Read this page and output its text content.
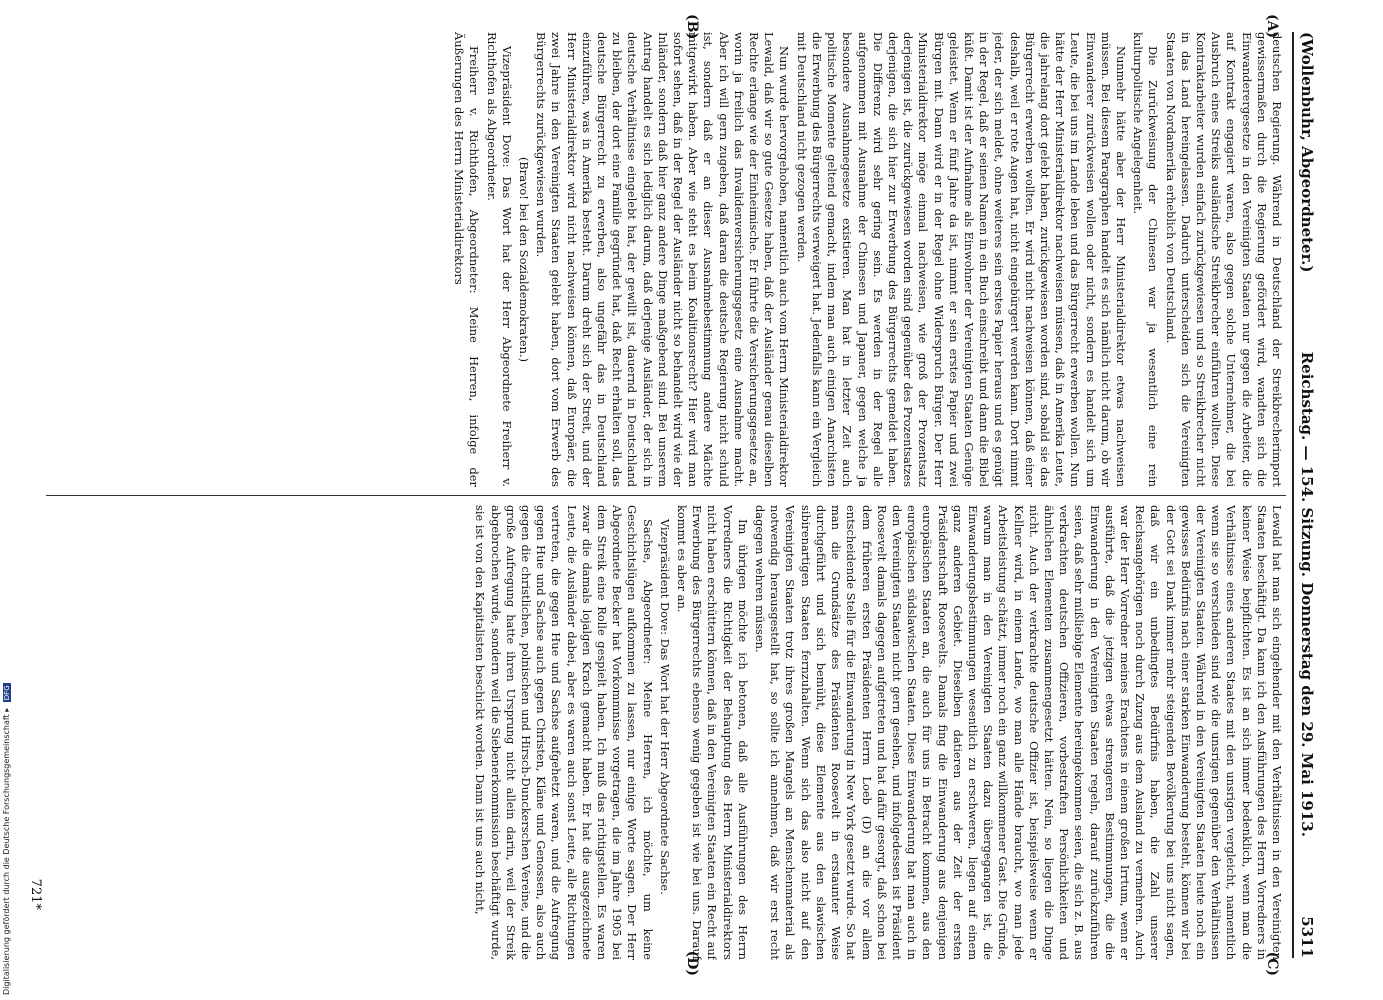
(Wollenbuhr, Abgeordneter.)
Reichstag. — 154. Sitzung. Donnerstag den 29. Mai 1913.
5311
(A)
(B)
(C)
(D)

deutschen Regierung. Während in Deutschland der Streikbrecherimport gewissermaßen durch die Regierung gefördert wird, wandten sich die Einwanderergesetze in den Vereinigten Staaten nur gegen die Arbeiter, die auf Kontrakt engagiert waren, also gegen solche Unternehmer, die bei Ausbruch eines Streiks ausländische Streikbrecher einführen wollten. Diese Kontraktarbeiter wurden einfach zurückgewiesen und so Streikbrecher nicht in das Land hereingelassen. Dadurch unterscheiden sich die Vereinigten Staaten von Nordamerika erheblich von Deutschland.

Die Zurückweisung der Chinesen war ja wesentlich eine rein kulturpolitische Angelegenheit.

Nunmehr hätte aber der Herr Ministerialdirektor etwas nachweisen müssen. Bei diesem Paragraphen handelt es sich nämlich nicht darum, ob wir Einwanderer zurückweisen wollen oder nicht, sondern es handelt sich um Leute, die bei uns im Lande leben und das Bürgerrecht erwerben wollen. Nun hätte der Herr Ministerialdirektor nachweisen müssen, daß in Amerika Leute, die jahrelang dort gelebt haben, zurückgewiesen worden sind, sobald sie das Bürgerrecht erwerben wollten. Er wird nicht nachweisen können, daß einer deshalb, weil er rote Augen hat, nicht eingebürgert werden kann. Dort nimmt jeder, der sich meldet, ohne weiteres sein erstes Papier heraus und es genügt in der Regel, daß er seinen Namen in ein Buch einschreibt und dann die Bibel küßt. Damit ist der Aufnahme als Einwohner der Vereinigten Staaten Genüge geleistet. Wenn er fünf Jahre da ist, nimmt er sein erstes Papier und zwei Bürgen mit. Dann wird er in der Regel ohne Widerspruch Bürger. Der Herr Ministerialdirektor möge einmal nachweisen, wie groß der Prozentsatz derjenigen ist, die zurückgewiesen worden sind gegenüber des Prozentsatzes derjenigen, die sich hier zur Erwerbung des Bürgerrechts gemeldet haben. Die Differenz wird sehr gering sein. Es werden in der Regel alle aufgenommen mit Ausnahme der Chinesen und Japaner, gegen welche ja besondere Ausnahmegesetze existieren. Man hat in letzter Zeit auch politische Momente geltend gemacht, indem man auch einigen Anarchisten die Erwerbung des Bürgerrechts verweigert hat. Jedenfalls kann ein Vergleich mit Deutschland nicht gezogen werden.

Nun wurde hervorgehoben, namentlich auch vom Herrn Ministerialdirektor Lewald, daß wir so gute Gesetze haben, daß der Ausländer genau dieselben Rechte erlange wie der Einheimische. Er führte die Versicherungsgesetze an, worin ja freilich das Invalidenversicherungsgesetz eine Ausnahme macht. Aber ich will gern zugeben, daß daran die deutsche Regierung nicht schuld ist, sondern daß er an dieser Ausnahmebestimmung andere Mächte mitgewirkt haben. Aber wie steht es beim Koalitionsrecht? Hier wird man sofort sehen, daß in der Regel der Ausländer nicht so behandelt wird wie der Inländer, sondern daß hier ganz andere Dinge maßgebend sind. Bei unserem Antrag handelt es sich lediglich darum, daß derjenige Ausländer, der sich in deutsche Verhältnisse eingelebt hat, der gewillt ist, dauernd in Deutschland zu bleiben, der dort eine Familie gegründet hat, daß Recht erhalten soll, das deutsche Bürgerrecht zu erwerben, also ungefähr das in Deutschland einzuführen, was in Amerika besteht. Darum dreht sich der Streit, und der Herr Ministerialdirektor wird nicht nachweisen können, daß Europäer, die zwei Jahre in den Vereinigten Staaten gelebt haben, dort vom Erwerb des Bürgerrechts zurückgewiesen wurden.

(Bravo! bei den Sozialdemokraten.)

Vizepräsident Dove: Das Wort hat der Herr Abgeordnete Freiherr v. Richthofen als Abgeordneter.

Freiherr v. Richthofen, Abgeordneter: Meine Herren, infolge der Äußerungen des Herrn Ministerialdirektors

Lewald hat man sich eingehender mit den Verhältnissen in den Vereinigten Staaten beschäftigt. Da kann ich den Ausführungen des Herrn Vorredners in keiner Weise beipflichten. Es ist an sich immer bedenklich, wenn man die Verhältnisse eines anderen Staates mit den unsrigen vergleicht, namentlich wenn sie so verschieden sind wie die unsrigen gegenüber den Verhältnissen der Vereinigten Staaten. Während in den Vereinigten Staaten heute noch ein gewisses Bedürfnis nach einer starken Einwanderung besteht, können wir bei der Gott sei Dank immer mehr steigenden Bevölkerung bei uns nicht sagen, daß wir ein unbedingtes Bedürfnis haben, die Zahl unserer Reichsangehörigen noch durch Zuzug aus dem Ausland zu vermehren. Auch war der Herr Vorredner meines Erachtens in einem großen Irrtum, wenn er ausführte, daß die jetzigen etwas strengeren Bestimmungen, die die Einwanderung in den Vereinigten Staaten regeln, darauf zurückzuführen seien, daß sehr mißliebige Elemente hereingekommen seien, die sich z. B. aus verkrachten deutschen Offizieren, vorbestraften Persönlichkeiten und ähnlichen Elementen zusammengesetzt hätten. Nein, so liegen die Dinge nicht. Auch der verkrachte deutsche Offizier ist, beispielsweise wenn er Kellner wird, in einem Lande, wo man alle Hände braucht, wo man jede Arbeitsleistung schätzt, immer noch ein ganz willkommener Gast. Die Gründe, warum man in den Vereinigten Staaten dazu übergegangen ist, die Einwanderungsbestimmungen wesentlich zu erschweren, liegen auf einem ganz anderen Gebiet. Dieselben datieren aus der Zeit der ersten Präsidentschaft Roosevelts. Damals fing die Einwanderung aus denjenigen europäischen Staaten an, die auch für uns in Betracht kommen, aus den europäischen südslawischen Staaten. Diese Einwanderung hat man auch in den Vereinigten Staaten nicht gern gesehen, und infolgedessen ist Präsident Roosevelt damals dagegen aufgetreten und hat dafür gesorgt, daß schon bei dem früheren ersten Präsidenten Herrn Loeb (D) an die vor allem entscheidende Stelle für die Einwanderung in New York gesetzt wurde. So hat man die Grundsätze des Präsidenten Roosevelt in erstaunter Weise durchgeführt und sich bemüht, diese Elemente aus den slawischen sibirenartigen Staaten fernzuhalten. Wenn sich das also nicht auf den Vereinigten Staaten trotz ihres großen Mangels an Menschenmaterial als notwendig herausgestellt hat, so sollte ich annehmen, daß wir erst recht dagegen wehren müssen.

Im übrigen möchte ich betonen, daß alle Ausführungen des Herrn Vorredners die Richtigkeit der Behauptung des Herrn Ministerialdirektors nicht haben erschüttern können, daß in den Vereinigten Staaten ein Recht auf Erwerbung des Bürgerrechts ebenso wenig gegeben ist wie bei uns. Darauf kommt es aber an.

Vizepräsident Dove: Das Wort hat der Herr Abgeordnete Sachse.

Sachse, Abgeordneter: Meine Herren, ich möchte, um keine Geschichtslügen aufkommen zu lassen, nur einige Worte sagen. Der Herr Abgeordnete Becker hat Vorkommnisse vorgetragen, die im Jahre 1905 bei dem Streik eine Rolle gespielt haben. Ich muß das richtigstellen. Es waren zwar die damals lojalgen Krach gemacht haben. Er hat die ausgezeichnete Leute, die Ausländer dabei, aber es waren auch sonst Leute, alle Richtungen vertreten, die gegen Hue und Sachse aufgehetzt waren, und die Aufregung gegen Hue und Sachse auch gegen Christen, Kläne und Genossen, also auch gegen die christlichen, polnischen und Hirsch-Dunckerschen Vereine, und die große Aufregung hatte ihren Ursprung nicht allein darin, weil der Streik abgebrochen wurde, sondern weil die Siebenerkommission beschäftigt wurde, sie ist von den Kapitalisten beschickt worden. Dann ist uns auch nicht,

721*
Digitalisierung gefördert durch die Deutsche Forschungsgemeinschaft ▸ DFG
